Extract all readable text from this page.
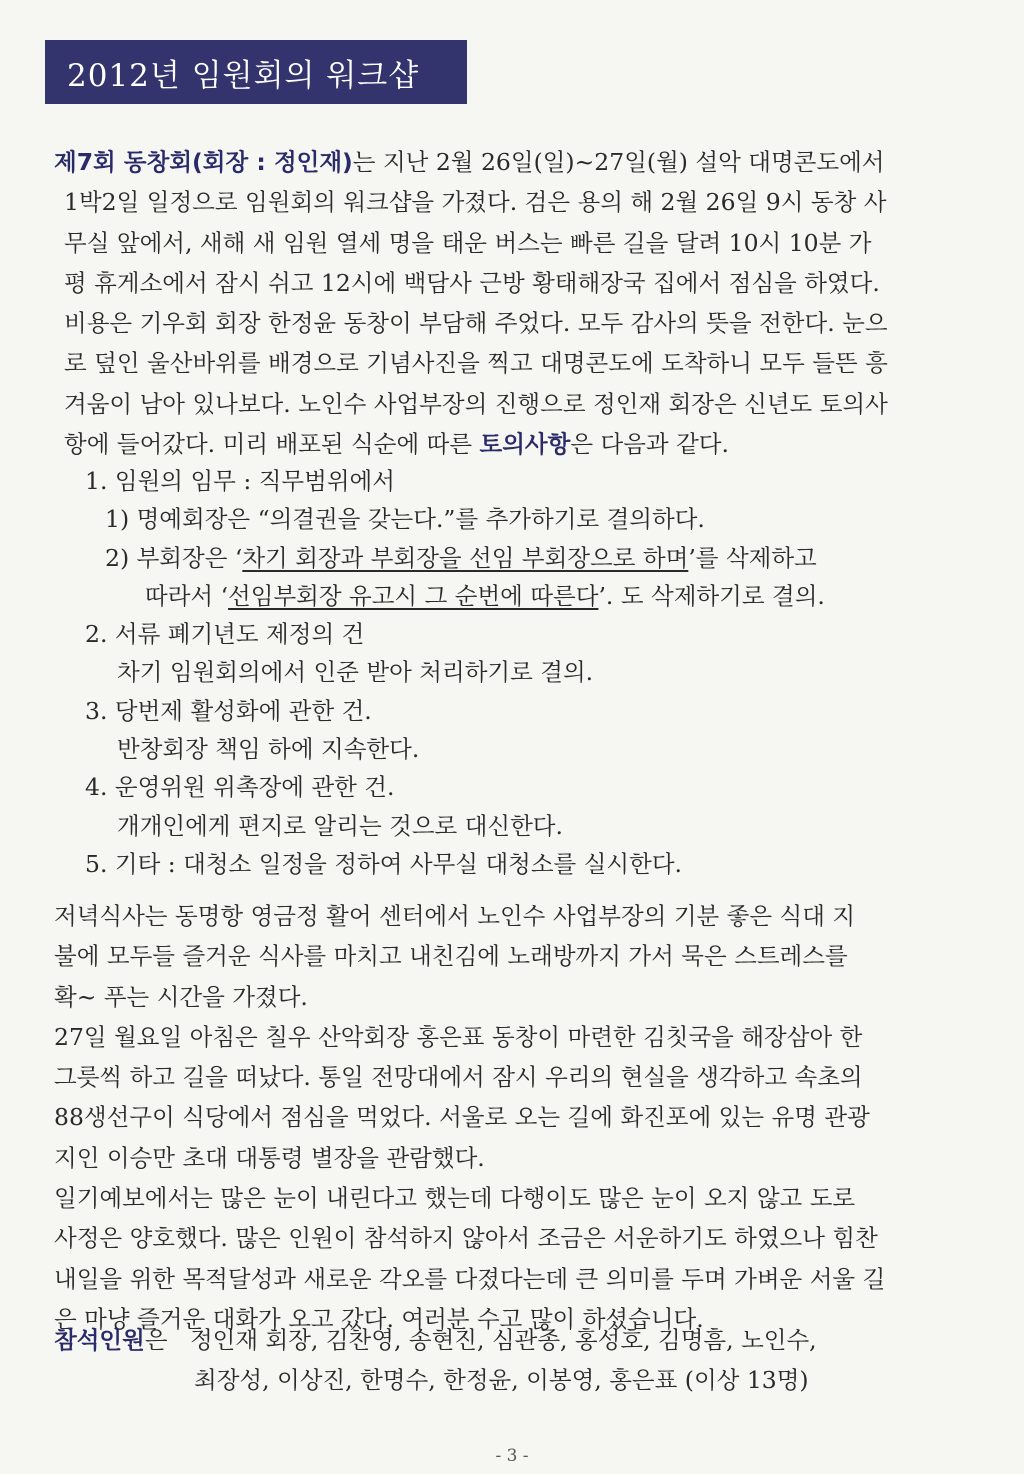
2012년 임원회의 워크샵

제7회 동창회(회장 : 정인재)는 지난 2월 26일(일)~27일(월) 설악 대명콘도에서

1박2일 일정으로 임원회의 워크샵을 가졌다. 검은 용의 해 2월 26일 9시 동창 사

무실 앞에서, 새해 새 임원 열세 명을 태운 버스는 빠른 길을 달려 10시 10분 가

평 휴게소에서 잠시 쉬고 12시에 백담사 근방 황태해장국 집에서 점심을 하였다.

비용은 기우회 회장 한정윤 동창이 부담해 주었다. 모두 감사의 뜻을 전한다. 눈으

로 덮인 울산바위를 배경으로 기념사진을 찍고 대명콘도에 도착하니 모두 들뜬 흥

겨움이 남아 있나보다. 노인수 사업부장의 진행으로 정인재 회장은 신년도 토의사

항에 들어갔다. 미리 배포된 식순에 따른 토의사항은 다음과 같다.

1. 임원의 임무 : 직무범위에서
1) 명예회장은 “의결권을 갖는다.”를 추가하기로 결의하다.
2) 부회장은 ‘차기 회장과 부회장을 선임 부회장으로 하며’를 삭제하고
따라서 ‘선임부회장 유고시 그 순번에 따른다’. 도 삭제하기로 결의.
2. 서류 폐기년도 제정의 건
차기 임원회의에서 인준 받아 처리하기로 결의.
3. 당번제 활성화에 관한 건.
반창회장 책임 하에 지속한다.
4. 운영위원 위촉장에 관한 건.
개개인에게 편지로 알리는 것으로 대신한다.
5. 기타 : 대청소 일정을 정하여 사무실 대청소를 실시한다.

저녁식사는 동명항 영금정 활어 센터에서 노인수 사업부장의 기분 좋은 식대 지

불에 모두들 즐거운 식사를 마치고 내친김에 노래방까지 가서 묵은 스트레스를

확~ 푸는 시간을 가졌다.

27일 월요일 아침은 칠우 산악회장 홍은표 동창이 마련한 김칫국을 해장삼아 한

그릇씩 하고 길을 떠났다. 통일 전망대에서 잠시 우리의 현실을 생각하고 속초의

88생선구이 식당에서 점심을 먹었다. 서울로 오는 길에 화진포에 있는 유명 관광

지인 이승만 초대 대통령 별장을 관람했다.

일기예보에서는 많은 눈이 내린다고 했는데 다행이도 많은 눈이 오지 않고 도로

사정은 양호했다. 많은 인원이 참석하지 않아서 조금은 서운하기도 하였으나 힘찬

내일을 위한 목적달성과 새로운 각오를 다졌다는데 큰 의미를 두며 가벼운 서울 길

은 마냥 즐거운 대화가 오고 갔다. 여러분 수고 많이 하셨습니다.

참석인원은 정인재 회장, 김찬영, 송현진, 심관종, 홍성호, 김명흠, 노인수,
최장성, 이상진, 한명수, 한정윤, 이봉영, 홍은표 (이상 13명)
- 3 -
